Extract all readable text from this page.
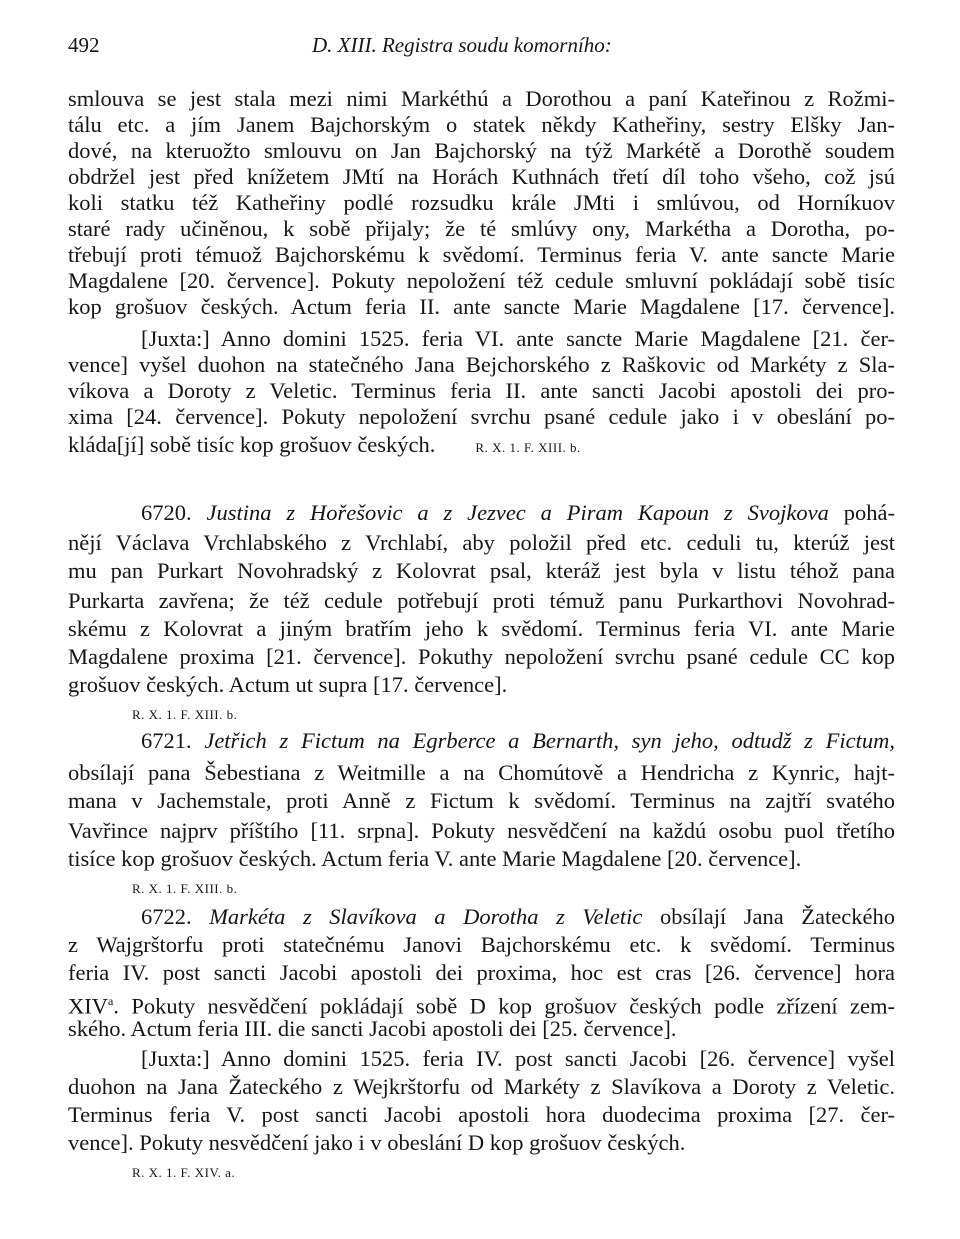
492	D. XIII. Registra soudu komorního:
smlouva se jest stala mezi nimi Markéthú a Dorothou a paní Kateřinou z Rožmi-
tálu etc. a jím Janem Bajchorským o statek někdy Katheřiny, sestry Elšky Jan-
dové, na kteruožto smlouvu on Jan Bajchorský na týž Markétě a Dorothě soudem
obdržel jest před knížetem JMtí na Horách Kuthnách třetí díl toho všeho, což jsú
koli statku též Katheřiny podlé rozsudku krále JMti i smlúvou, od Horníkuov
staré rady učiněnou, k sobě přijaly; že té smlúvy ony, Markétha a Dorotha, po-
třebují proti témuož Bajchorskému k svědomí. Terminus feria V. ante sancte Marie
Magdalene [20. července]. Pokuty nepoložení též cedule smluvní pokládají sobě tisíc
kop grošuov českých. Actum feria II. ante sancte Marie Magdalene [17. července].
[Juxta:] Anno domini 1525. feria VI. ante sancte Marie Magdalene [21. čer-
vence] vyšel duohon na statečného Jana Bejchorského z Raškovic od Markéty z Sla-
víkova a Doroty z Veletic. Terminus feria II. ante sancti Jacobi apostoli dei pro-
xima [24. července]. Pokuty nepoložení svrchu psané cedule jako i v obeslání po-
kláda[jí] sobě tisíc kop grošuov českých.	R. X. 1. F. XIII. b.
6720. Justina z Hořešovic a z Jezvec a Piram Kapoun z Svojkova pohá-
nějí Václava Vrchlabského z Vrchlabí, aby položil před etc. ceduli tu, kterúž jest
mu pan Purkart Novohradský z Kolovrat psal, kteráž jest byla v listu téhož pana
Purkarta zavřena; že též cedule potřebují proti témuž panu Purkarthovi Novohrad-
skému z Kolovrat a jiným bratřím jeho k svědomí. Terminus feria VI. ante Marie
Magdalene proxima [21. července]. Pokuthy nepoložení svrchu psané cedule CC kop
grošuov českých. Actum ut supra [17. července].
R. X. 1. F. XIII. b.
6721. Jetřich z Fictum na Egrberce a Bernarth, syn jeho, odtudž z Fictum,
obsílají pana Šebestiana z Weitmille a na Chomútově a Hendricha z Kynric, hajt-
mana v Jachemstale, proti Anně z Fictum k svědomí. Terminus na zajtří svatého
Vavřince najprv příštího [11. srpna]. Pokuty nesvědčení na každú osobu puol třetího
tisíce kop grošuov českých. Actum feria V. ante Marie Magdalene [20. července].
R. X. 1. F. XIII. b.
6722. Markéta z Slavíkova a Dorotha z Veletic obsílají Jana Žateckého
z Wajgrštorfu proti statečnému Janovi Bajchorskému etc. k svědomí. Terminus
feria IV. post sancti Jacobi apostoli dei proxima, hoc est cras [26. července] hora
XIV$^a$. Pokuty nesvědčení pokládají sobě D kop grošuov českých podle zřízení zem-
ského. Actum feria III. die sancti Jacobi apostoli dei [25. července].
[Juxta:] Anno domini 1525. feria IV. post sancti Jacobi [26. července] vyšel
duohon na Jana Žateckého z Wejkrštorfu od Markéty z Slavíkova a Doroty z Veletic.
Terminus feria V. post sancti Jacobi apostoli hora duodecima proxima [27. čer-
vence]. Pokuty nesvědčení jako i v obeslání D kop grošuov českých.
R. X. 1. F. XIV. a.
